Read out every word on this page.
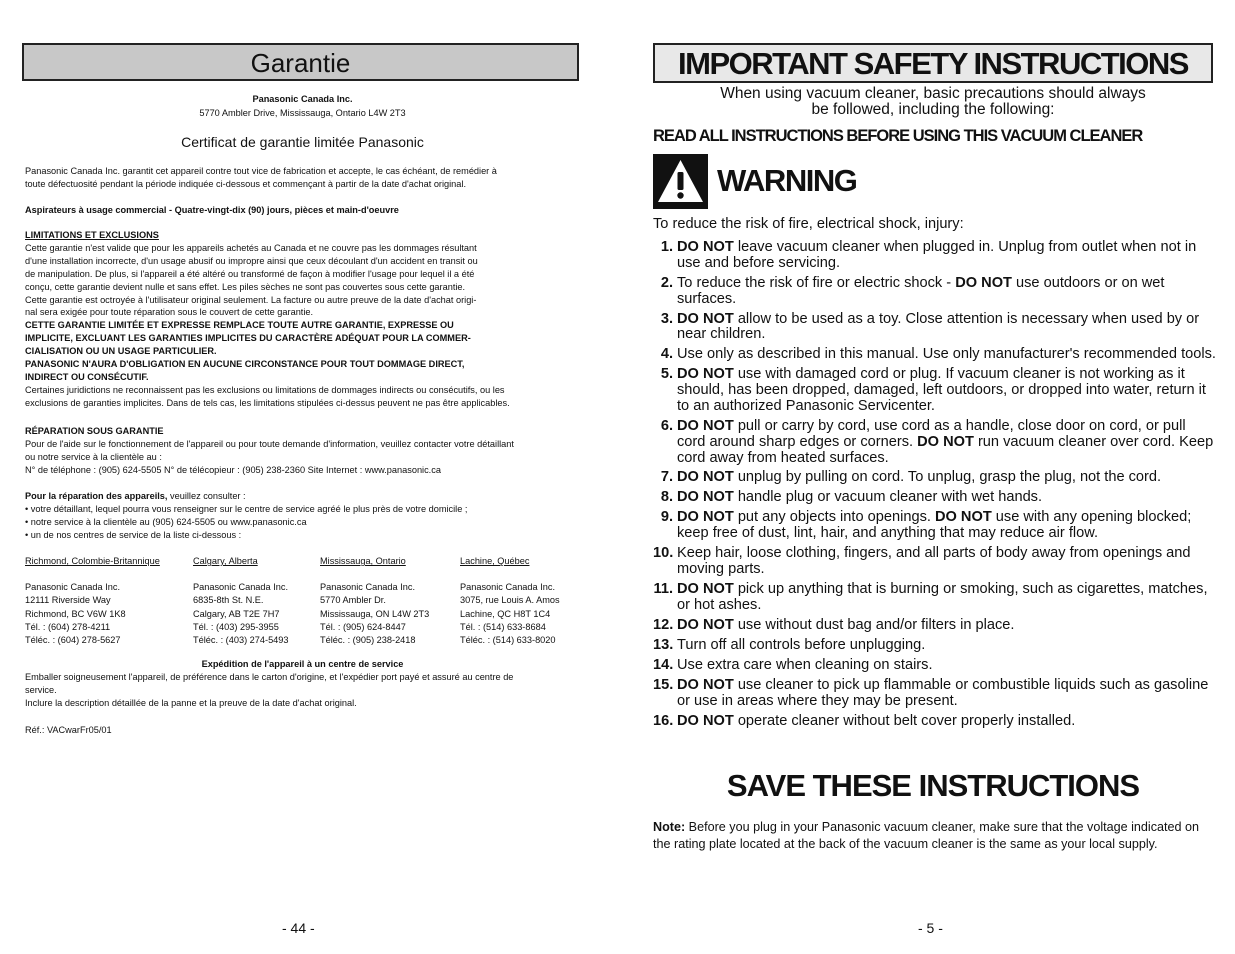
Garantie
Panasonic Canada Inc.
5770 Ambler Drive, Mississauga, Ontario L4W 2T3
Certificat de garantie limitée Panasonic
Panasonic Canada Inc. garantit cet appareil contre tout vice de fabrication et accepte, le cas échéant, de remédier à
toute défectuosité pendant la période indiquée ci-dessous et commençant à partir de la date d'achat original.
Aspirateurs à usage commercial - Quatre-vingt-dix (90) jours, pièces et main-d'oeuvre
LIMITATIONS ET EXCLUSIONS
Cette garantie n'est valide que pour les appareils achetés au Canada et ne couvre pas les dommages résultant
d'une installation incorrecte, d'un usage abusif ou impropre ainsi que ceux découlant d'un accident en transit ou
de manipulation. De plus, si l'appareil a été altéré ou transformé de façon à modifier l'usage pour lequel il a été
conçu, cette garantie devient nulle et sans effet. Les piles sèches ne sont pas couvertes sous cette garantie.
Cette garantie est octroyée à l'utilisateur original seulement. La facture ou autre preuve de la date d'achat origi-
nal sera exigée pour toute réparation sous le couvert de cette garantie.
CETTE GARANTIE LIMITÉE ET EXPRESSE REMPLACE TOUTE AUTRE GARANTIE, EXPRESSE OU
IMPLICITE, EXCLUANT LES GARANTIES IMPLICITES DU CARACTÈRE ADÉQUAT POUR LA COMMER-
CIALISATION OU UN USAGE PARTICULIER.
PANASONIC N'AURA D'OBLIGATION EN AUCUNE CIRCONSTANCE POUR TOUT DOMMAGE DIRECT,
INDIRECT OU CONSÉCUTIF.
Certaines juridictions ne reconnaissent pas les exclusions ou limitations de dommages indirects ou consécutifs, ou les
exclusions de garanties implicites. Dans de tels cas, les limitations stipulées ci-dessus peuvent ne pas être applicables.
RÉPARATION SOUS GARANTIE
Pour de l'aide sur le fonctionnement de l'appareil ou pour toute demande d'information, veuillez contacter votre détaillant
ou notre service à la clientèle au :
N° de téléphone : (905) 624-5505 N° de télécopieur : (905) 238-2360 Site Internet : www.panasonic.ca
Pour la réparation des appareils, veuillez consulter :
• votre détaillant, lequel pourra vous renseigner sur le centre de service agréé le plus près de votre domicile ;
• notre service à la clientèle au (905) 624-5505 ou www.panasonic.ca
• un de nos centres de service de la liste ci-dessous :
Richmond, Colombie-Britannique
Panasonic Canada Inc.
12111 Riverside Way
Richmond, BC V6W 1K8
Tél. : (604) 278-4211
Téléc. : (604) 278-5627
Calgary, Alberta
Panasonic Canada Inc.
6835-8th St. N.E.
Calgary, AB T2E 7H7
Tél. : (403) 295-3955
Téléc. : (403) 274-5493
Mississauga, Ontario
Panasonic Canada Inc.
5770 Ambler Dr.
Mississauga, ON L4W 2T3
Tél. : (905) 624-8447
Téléc. : (905) 238-2418
Lachine, Québec
Panasonic Canada Inc.
3075, rue Louis A. Amos
Lachine, QC H8T 1C4
Tél. : (514) 633-8684
Téléc. : (514) 633-8020
Expédition de l'appareil à un centre de service
Emballer soigneusement l'appareil, de préférence dans le carton d'origine, et l'expédier port payé et assuré au centre de
service.
Inclure la description détaillée de la panne et la preuve de la date d'achat original.
Réf.: VACwarFr05/01
- 44 -
IMPORTANT SAFETY INSTRUCTIONS
When using vacuum cleaner, basic precautions should always
be followed, including the following:
READ ALL INSTRUCTIONS BEFORE USING THIS VACUUM CLEANER
WARNING
To reduce the risk of fire, electrical shock, injury:
1. DO NOT leave vacuum cleaner when plugged in. Unplug from outlet when not in use and before servicing.
2. To reduce the risk of fire or electric shock - DO NOT use outdoors or on wet surfaces.
3. DO NOT allow to be used as a toy. Close attention is necessary when used by or near children.
4. Use only as described in this manual. Use only manufacturer's recommended tools.
5. DO NOT use with damaged cord or plug. If vacuum cleaner is not working as it should, has been dropped, damaged, left outdoors, or dropped into water, return it to an authorized Panasonic Servicenter.
6. DO NOT pull or carry by cord, use cord as a handle, close door on cord, or pull cord around sharp edges or corners. DO NOT run vacuum cleaner over cord. Keep cord away from heated surfaces.
7. DO NOT unplug by pulling on cord. To unplug, grasp the plug, not the cord.
8. DO NOT handle plug or vacuum cleaner with wet hands.
9. DO NOT put any objects into openings. DO NOT use with any opening blocked; keep free of dust, lint, hair, and anything that may reduce air flow.
10. Keep hair, loose clothing, fingers, and all parts of body away from openings and moving parts.
11. DO NOT pick up anything that is burning or smoking, such as cigarettes, matches, or hot ashes.
12. DO NOT use without dust bag and/or filters in place.
13. Turn off all controls before unplugging.
14. Use extra care when cleaning on stairs.
15. DO NOT use cleaner to pick up flammable or combustible liquids such as gasoline or use in areas where they may be present.
16. DO NOT operate cleaner without belt cover properly installed.
SAVE THESE INSTRUCTIONS
Note: Before you plug in your Panasonic vacuum cleaner, make sure that the voltage indicated on the rating plate located at the back of the vacuum cleaner is the same as your local supply.
- 5 -
